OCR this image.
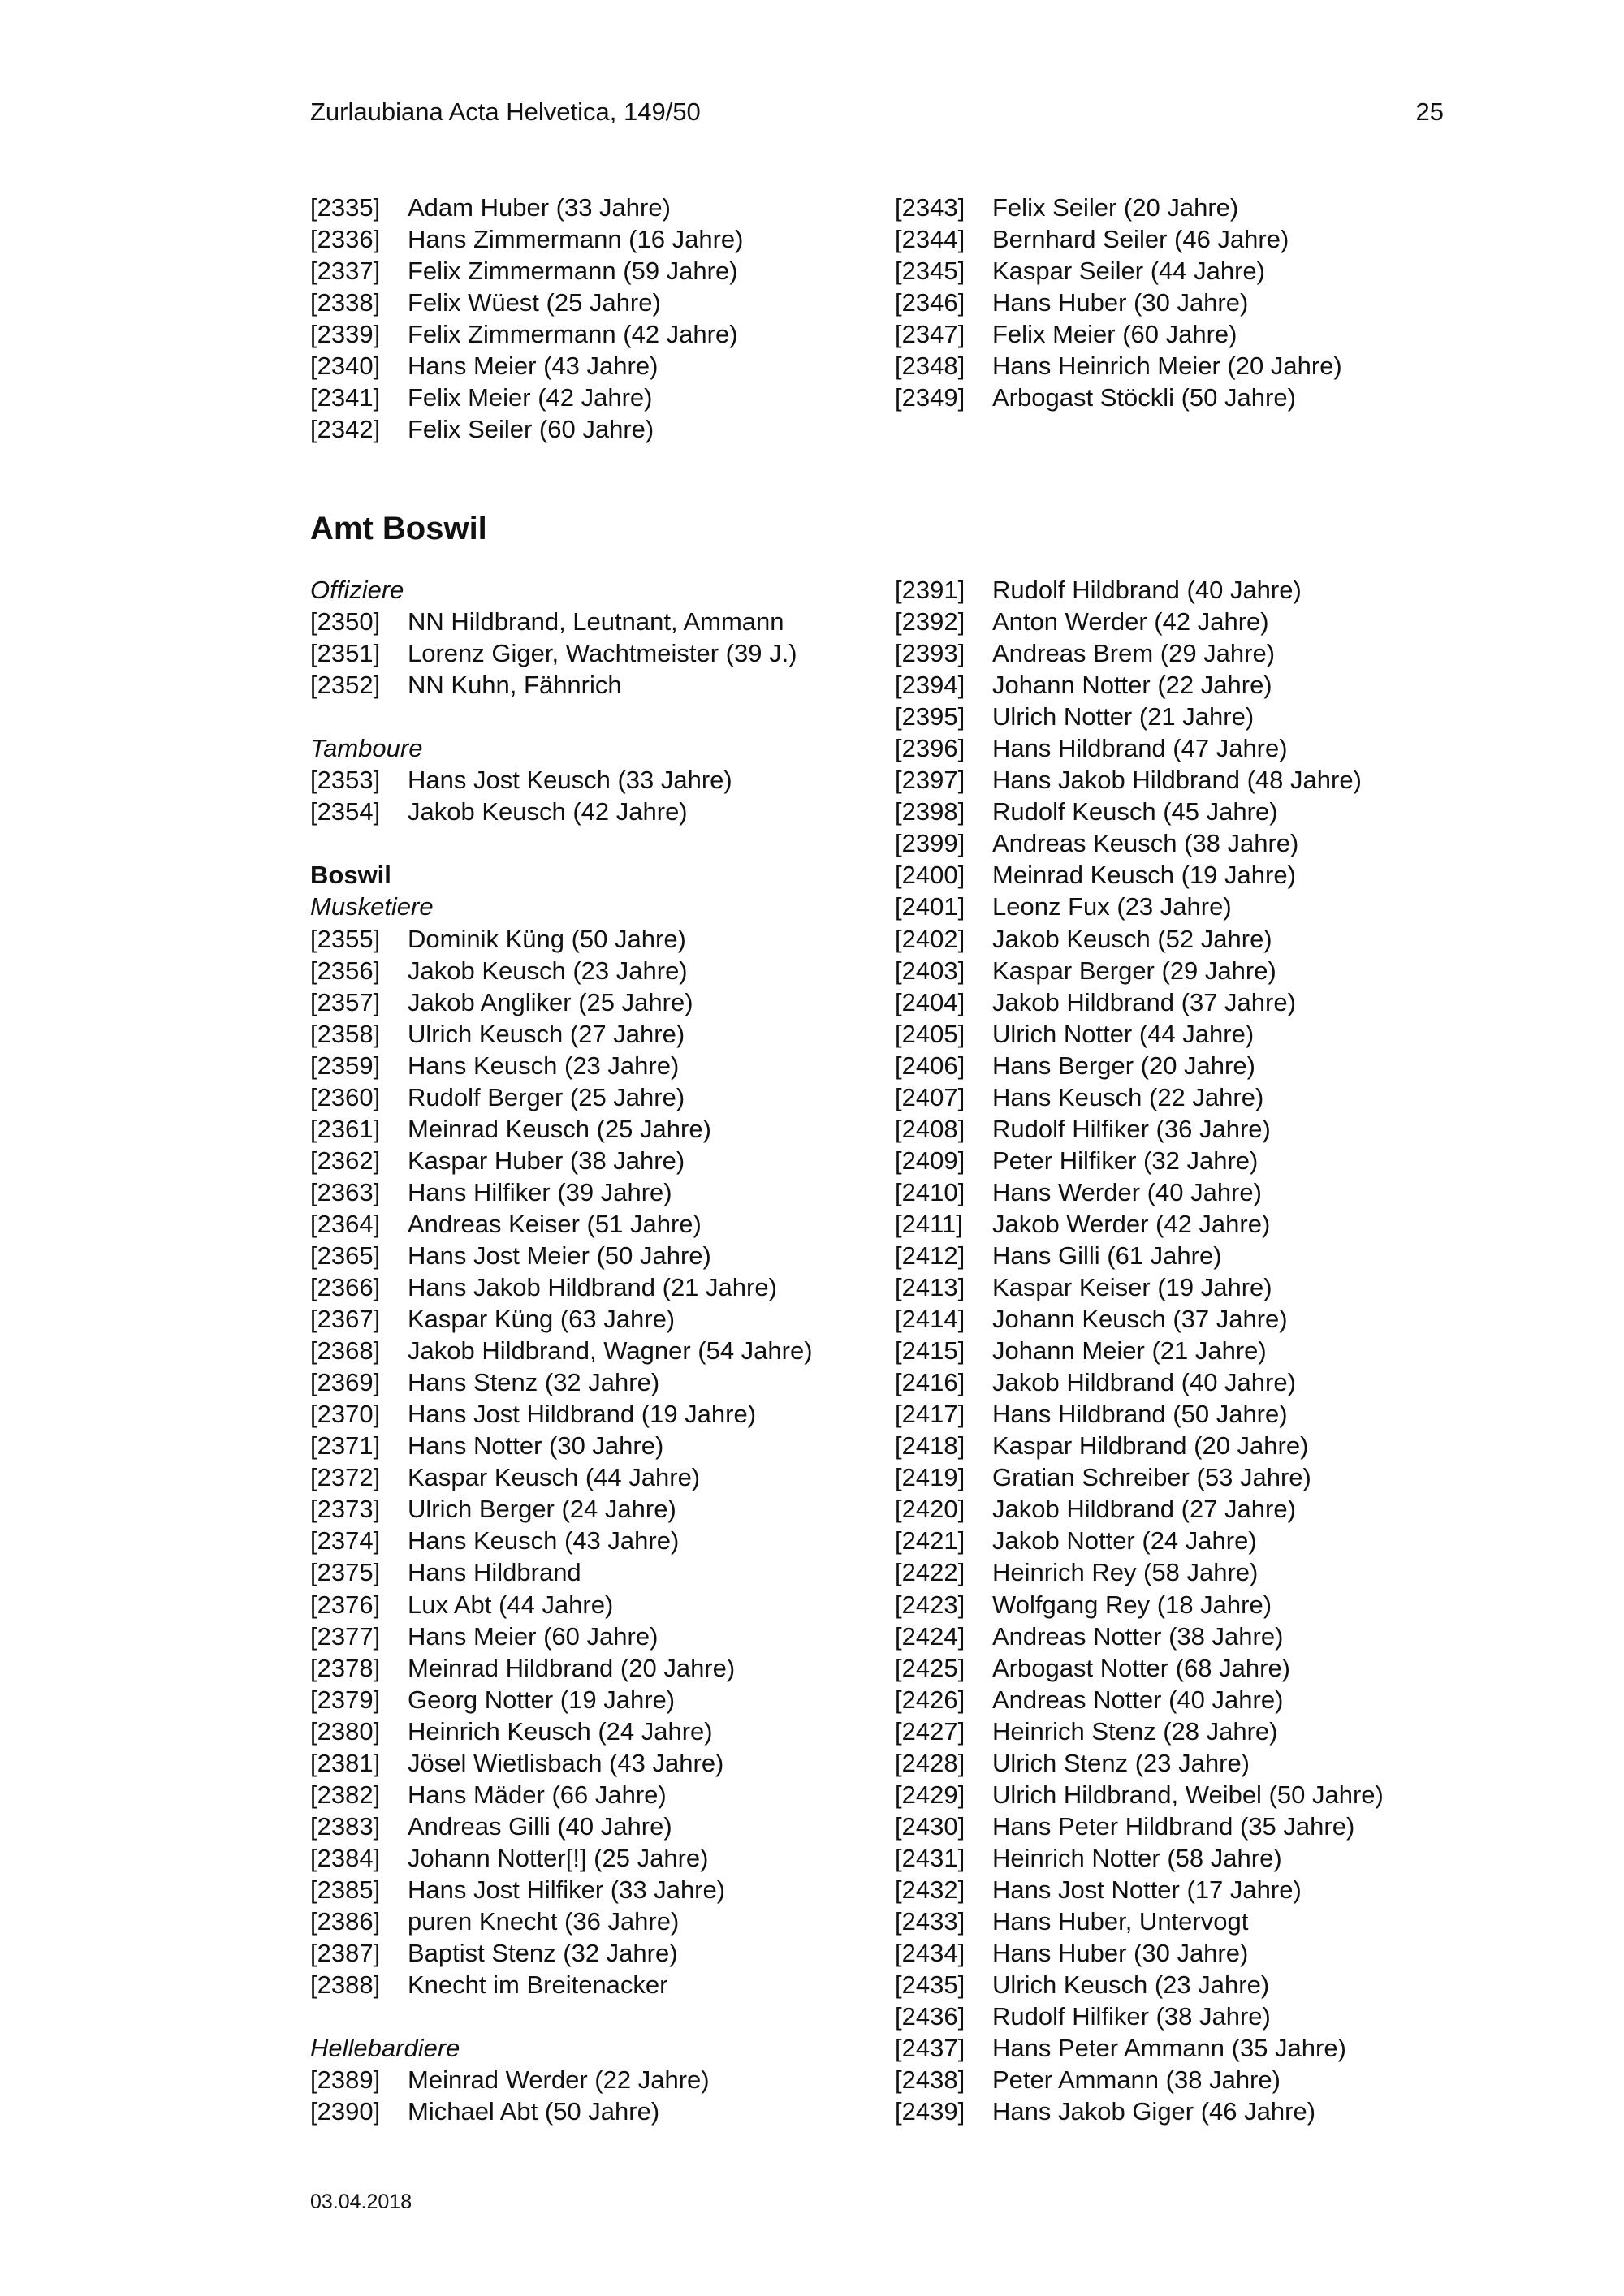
Zurlaubiana Acta Helvetica, 149/50	25
[2335] Adam Huber (33 Jahre)
[2336] Hans Zimmermann (16 Jahre)
[2337] Felix Zimmermann (59 Jahre)
[2338] Felix Wüest (25 Jahre)
[2339] Felix Zimmermann (42 Jahre)
[2340] Hans Meier (43 Jahre)
[2341] Felix Meier (42 Jahre)
[2342] Felix Seiler (60 Jahre)
[2343] Felix Seiler (20 Jahre)
[2344] Bernhard Seiler (46 Jahre)
[2345] Kaspar Seiler (44 Jahre)
[2346] Hans Huber (30 Jahre)
[2347] Felix Meier (60 Jahre)
[2348] Hans Heinrich Meier (20 Jahre)
[2349] Arbogast Stöckli (50 Jahre)
Amt Boswil
Offiziere
[2350] NN Hildbrand, Leutnant, Ammann
[2351] Lorenz Giger, Wachtmeister (39 J.)
[2352] NN Kuhn, Fähnrich
Tamboure
[2353] Hans Jost Keusch (33 Jahre)
[2354] Jakob Keusch (42 Jahre)
Boswil
Musketiere
[2355] Dominik Küng (50 Jahre)
[2356] Jakob Keusch (23 Jahre)
[2357] Jakob Angliker (25 Jahre)
[2358] Ulrich Keusch (27 Jahre)
[2359] Hans Keusch (23 Jahre)
[2360] Rudolf Berger (25 Jahre)
[2361] Meinrad Keusch (25 Jahre)
[2362] Kaspar Huber (38 Jahre)
[2363] Hans Hilfiker (39 Jahre)
[2364] Andreas Keiser (51 Jahre)
[2365] Hans Jost Meier (50 Jahre)
[2366] Hans Jakob Hildbrand (21 Jahre)
[2367] Kaspar Küng (63 Jahre)
[2368] Jakob Hildbrand, Wagner (54 Jahre)
[2369] Hans Stenz (32 Jahre)
[2370] Hans Jost Hildbrand (19 Jahre)
[2371] Hans Notter (30 Jahre)
[2372] Kaspar Keusch (44 Jahre)
[2373] Ulrich Berger (24 Jahre)
[2374] Hans Keusch (43 Jahre)
[2375] Hans Hildbrand
[2376] Lux Abt (44 Jahre)
[2377] Hans Meier (60 Jahre)
[2378] Meinrad Hildbrand (20 Jahre)
[2379] Georg Notter (19 Jahre)
[2380] Heinrich Keusch (24 Jahre)
[2381] Jösel Wietlisbach (43 Jahre)
[2382] Hans Mäder (66 Jahre)
[2383] Andreas Gilli (40 Jahre)
[2384] Johann Notter[!] (25 Jahre)
[2385] Hans Jost Hilfiker (33 Jahre)
[2386] puren Knecht (36 Jahre)
[2387] Baptist Stenz (32 Jahre)
[2388] Knecht im Breitenacker
Hellebardiere
[2389] Meinrad Werder (22 Jahre)
[2390] Michael Abt (50 Jahre)
[2391] Rudolf Hildbrand (40 Jahre)
[2392] Anton Werder (42 Jahre)
[2393] Andreas Brem (29 Jahre)
[2394] Johann Notter (22 Jahre)
[2395] Ulrich Notter (21 Jahre)
[2396] Hans Hildbrand (47 Jahre)
[2397] Hans Jakob Hildbrand (48 Jahre)
[2398] Rudolf Keusch (45 Jahre)
[2399] Andreas Keusch (38 Jahre)
[2400] Meinrad Keusch (19 Jahre)
[2401] Leonz Fux (23 Jahre)
[2402] Jakob Keusch (52 Jahre)
[2403] Kaspar Berger (29 Jahre)
[2404] Jakob Hildbrand (37 Jahre)
[2405] Ulrich Notter (44 Jahre)
[2406] Hans Berger (20 Jahre)
[2407] Hans Keusch (22 Jahre)
[2408] Rudolf Hilfiker (36 Jahre)
[2409] Peter Hilfiker (32 Jahre)
[2410] Hans Werder (40 Jahre)
[2411] Jakob Werder (42 Jahre)
[2412] Hans Gilli (61 Jahre)
[2413] Kaspar Keiser (19 Jahre)
[2414] Johann Keusch (37 Jahre)
[2415] Johann Meier (21 Jahre)
[2416] Jakob Hildbrand (40 Jahre)
[2417] Hans Hildbrand (50 Jahre)
[2418] Kaspar Hildbrand (20 Jahre)
[2419] Gratian Schreiber (53 Jahre)
[2420] Jakob Hildbrand (27 Jahre)
[2421] Jakob Notter (24 Jahre)
[2422] Heinrich Rey (58 Jahre)
[2423] Wolfgang Rey (18 Jahre)
[2424] Andreas Notter (38 Jahre)
[2425] Arbogast Notter (68 Jahre)
[2426] Andreas Notter (40 Jahre)
[2427] Heinrich Stenz (28 Jahre)
[2428] Ulrich Stenz (23 Jahre)
[2429] Ulrich Hildbrand, Weibel (50 Jahre)
[2430] Hans Peter Hildbrand (35 Jahre)
[2431] Heinrich Notter (58 Jahre)
[2432] Hans Jost Notter (17 Jahre)
[2433] Hans Huber, Untervogt
[2434] Hans Huber (30 Jahre)
[2435] Ulrich Keusch (23 Jahre)
[2436] Rudolf Hilfiker (38 Jahre)
[2437] Hans Peter Ammann (35 Jahre)
[2438] Peter Ammann (38 Jahre)
[2439] Hans Jakob Giger (46 Jahre)
03.04.2018
